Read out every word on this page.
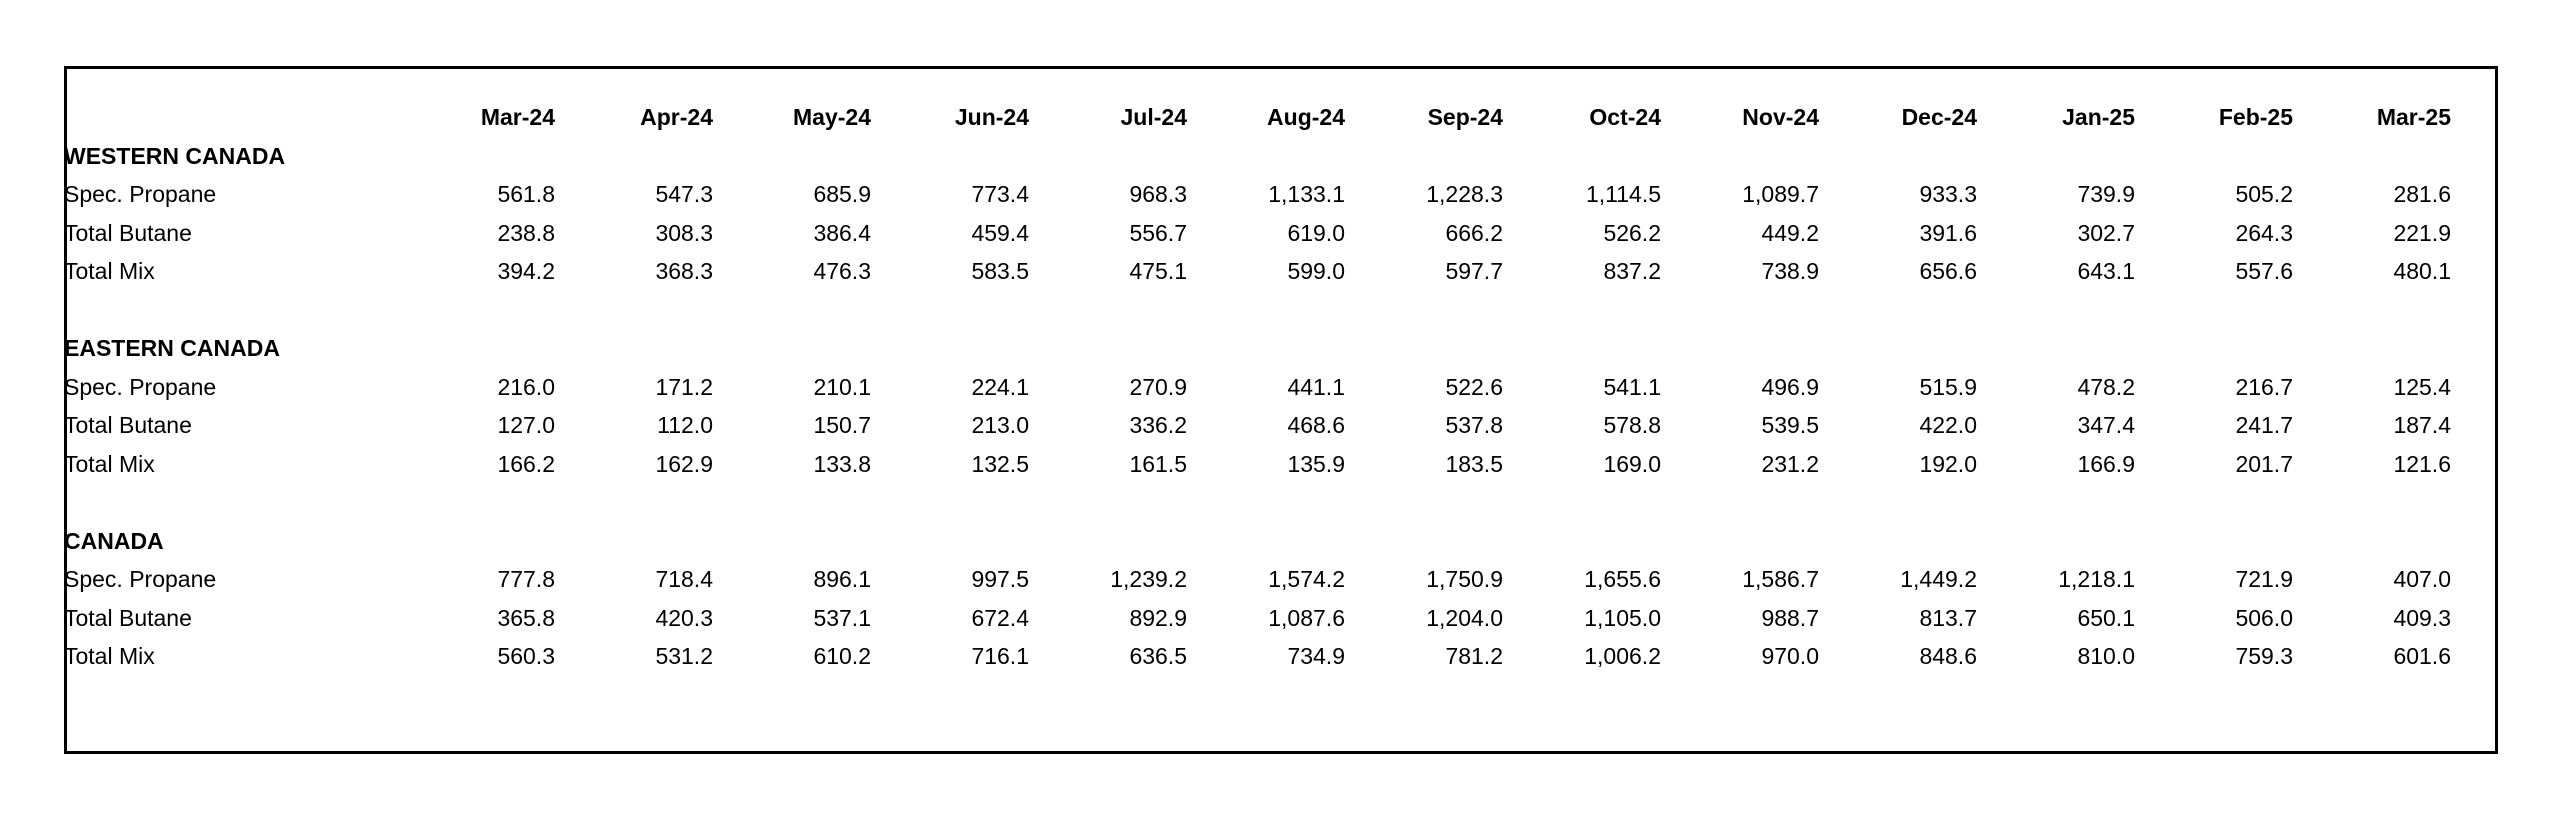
	Mar-24	Apr-24	May-24	Jun-24	Jul-24	Aug-24	Sep-24	Oct-24	Nov-24	Dec-24	Jan-25	Feb-25	Mar-25
WESTERN CANADA													
Spec. Propane	561.8	547.3	685.9	773.4	968.3	1,133.1	1,228.3	1,114.5	1,089.7	933.3	739.9	505.2	281.6
Total Butane	238.8	308.3	386.4	459.4	556.7	619.0	666.2	526.2	449.2	391.6	302.7	264.3	221.9
Total Mix	394.2	368.3	476.3	583.5	475.1	599.0	597.7	837.2	738.9	656.6	643.1	557.6	480.1

EASTERN CANADA													
Spec. Propane	216.0	171.2	210.1	224.1	270.9	441.1	522.6	541.1	496.9	515.9	478.2	216.7	125.4
Total Butane	127.0	112.0	150.7	213.0	336.2	468.6	537.8	578.8	539.5	422.0	347.4	241.7	187.4
Total Mix	166.2	162.9	133.8	132.5	161.5	135.9	183.5	169.0	231.2	192.0	166.9	201.7	121.6

CANADA													
Spec. Propane	777.8	718.4	896.1	997.5	1,239.2	1,574.2	1,750.9	1,655.6	1,586.7	1,449.2	1,218.1	721.9	407.0
Total Butane	365.8	420.3	537.1	672.4	892.9	1,087.6	1,204.0	1,105.0	988.7	813.7	650.1	506.0	409.3
Total Mix	560.3	531.2	610.2	716.1	636.5	734.9	781.2	1,006.2	970.0	848.6	810.0	759.3	601.6
